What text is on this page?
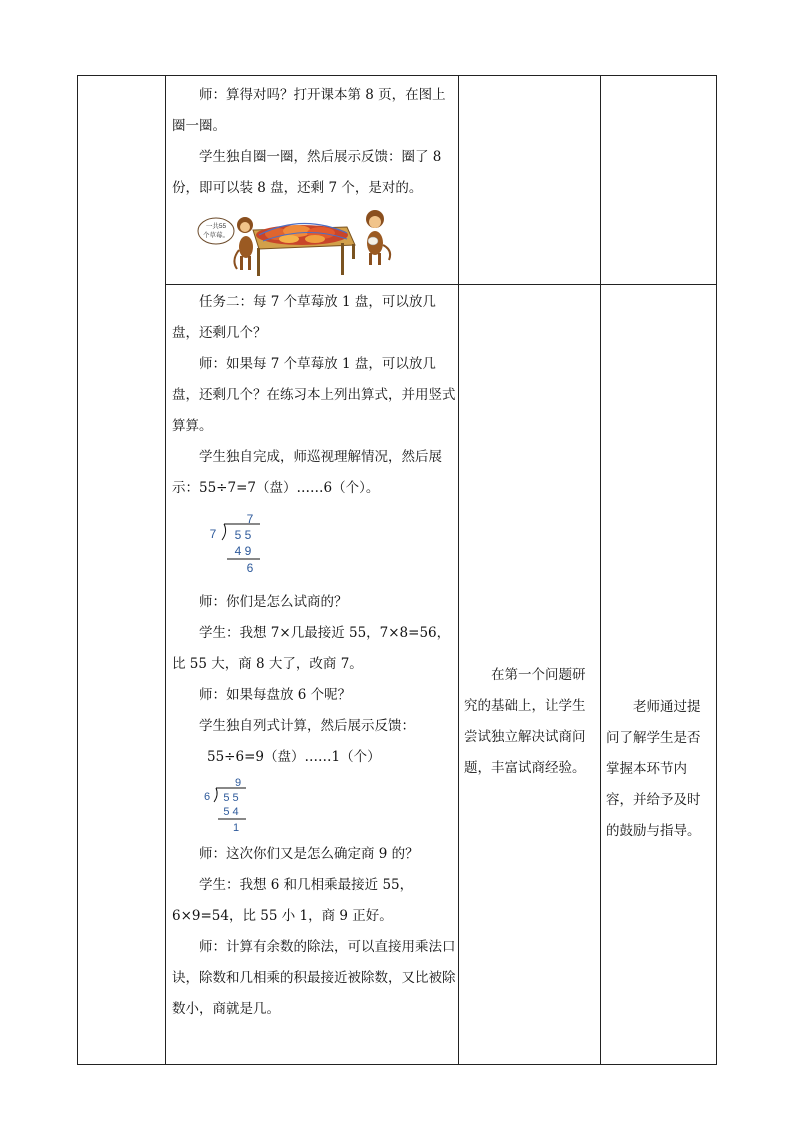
师：算得对吗？打开课本第 8 页，在图上圈一圈。

学生独自圈一圈，然后展示反馈：圈了 8 份，即可以装 8 盘，还剩 7 个，是对的。

一共55
个草莓。

任务二：每 7 个草莓放 1 盘，可以放几盘，还剩几个？

师：如果每 7 个草莓放 1 盘，可以放几盘，还剩几个？在练习本上列出算式，并用竖式算算。

学生独自完成，师巡视理解情况，然后展示：55÷7=7（盘）……6（个）。

7
7 5 5
4 9
6

师：你们是怎么试商的？

学生：我想 7×几最接近 55，7×8=56，比 55 大，商 8 大了，改商 7。

师：如果每盘放 6 个呢？

学生独自列式计算，然后展示反馈：

55÷6=9（盘）……1（个）

9
6 5 5
5 4
1

师：这次你们又是怎么确定商 9 的？

学生：我想 6 和几相乘最接近 55，6×9=54，比 55 小 1，商 9 正好。

师：计算有余数的除法，可以直接用乘法口诀，除数和几相乘的积最接近被除数，又比被除数小，商就是几。

在第一个问题研究的基础上，让学生尝试独立解决试商问题，丰富试商经验。

老师通过提问了解学生是否掌握本环节内容，并给予及时的鼓励与指导。
